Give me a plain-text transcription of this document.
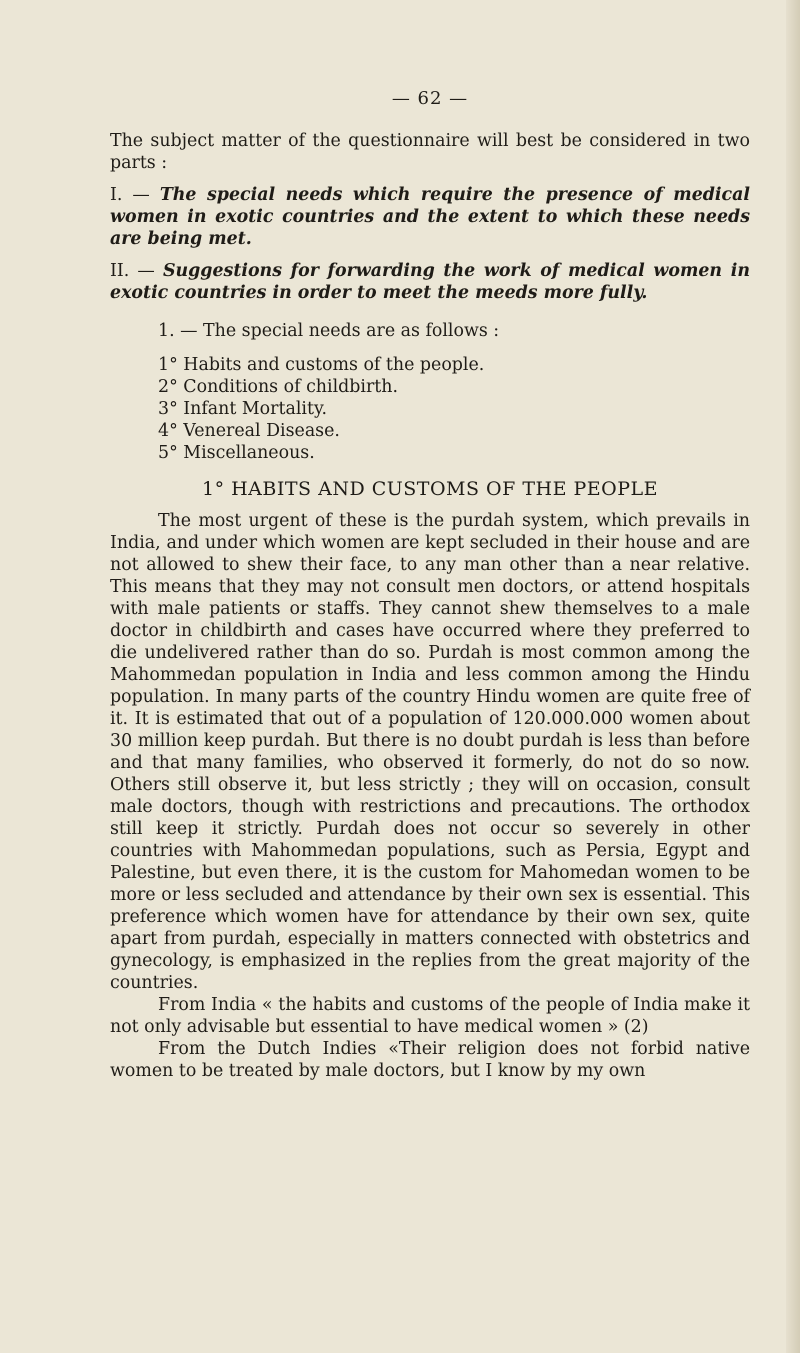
— 62 —

The subject matter of the questionnaire will best be considered in two parts :

I. — The special needs which require the presence of medical women in exotic countries and the extent to which these needs are being met.

II. — Suggestions for forwarding the work of medical women in exotic countries in order to meet the meeds more fully.

1. — The special needs are as follows :

1° Habits and customs of the people.
2° Conditions of childbirth.
3° Infant Mortality.
4° Venereal Disease.
5° Miscellaneous.
1° HABITS AND CUSTOMS OF THE PEOPLE

The most urgent of these is the purdah system, which prevails in India, and under which women are kept secluded in their house and are not allowed to shew their face, to any man other than a near relative. This means that they may not consult men doctors, or attend hospitals with male patients or staffs. They cannot shew themselves to a male doctor in childbirth and cases have occurred where they preferred to die undelivered rather than do so. Purdah is most common among the Mahommedan population in India and less common among the Hindu population. In many parts of the country Hindu women are quite free of it. It is estimated that out of a population of 120.000.000 women about 30 million keep purdah. But there is no doubt purdah is less than before and that many families, who observed it formerly, do not do so now. Others still observe it, but less strictly ; they will on occasion, consult male doctors, though with restrictions and precautions. The orthodox still keep it strictly. Purdah does not occur so severely in other countries with Mahommedan populations, such as Persia, Egypt and Palestine, but even there, it is the custom for Mahomedan women to be more or less secluded and attendance by their own sex is essential. This preference which women have for attendance by their own sex, quite apart from purdah, especially in matters connected with obstetrics and gynecology, is emphasized in the replies from the great majority of the countries.

From India « the habits and customs of the people of India make it not only advisable but essential to have medical women » (2)

From the Dutch Indies «Their religion does not forbid native women to be treated by male doctors, but I know by my own
